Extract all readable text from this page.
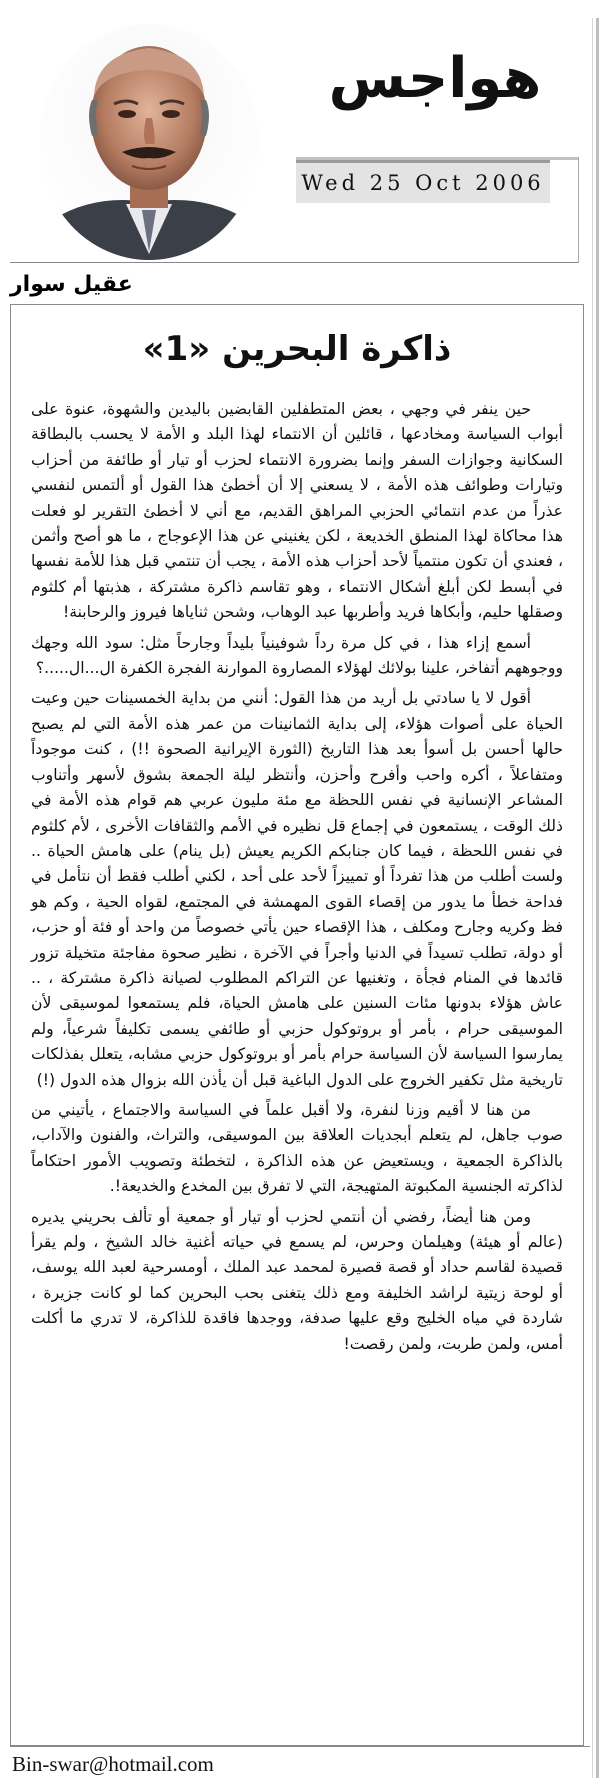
هواجس
Wed 25 Oct 2006
عقيل سوار
ذاكرة البحرين «1»

حين ينفر في وجهي ، بعض المتطفلين القابضين باليدين والشهوة، عنوة على أبواب السياسة ومخادعها ، قائلين أن الانتماء لهذا البلد و الأمة لا يحسب بالبطاقة السكانية وجوازات السفر وإنما بضرورة الانتماء لحزب أو تيار أو طائفة من أحزاب وتيارات وطوائف هذه الأمة ، لا يسعني إلا أن أخطئ هذا القول أو ألتمس لنفسي عذراً من عدم انتمائي الحزبي المراهق القديم، مع أني لا أخطئ التقرير لو فعلت هذا محاكاة لهذا المنطق الخديعة ، لكن يغنيني عن هذا الإعوجاج ، ما هو أصح وأثمن ، فعندي أن تكون منتمياً لأحد أحزاب هذه الأمة ، يجب أن تنتمي قبل هذا للأمة نفسها في أبسط لكن أبلغ أشكال الانتماء ، وهو تقاسم ذاكرة مشتركة ، هذبتها أم كلثوم وصقلها حليم، وأبكاها فريد وأطربها عبد الوهاب، وشحن ثناياها فيروز والرحابنة!

أسمع إزاء هذا ، في كل مرة رداً شوفينياً بليداً وجارحاً مثل: سود الله وجهك ووجوههم أتفاخر، علينا بولائك لهؤلاء المصاروة الموارنة الفجرة الكفرة ال...ال.....؟

أقول لا يا سادتي بل أريد من هذا القول: أنني من بداية الخمسينات حين وعيت الحياة على أصوات هؤلاء، إلى بداية الثمانينات من عمر هذه الأمة التي لم يصبح حالها أحسن بل أسوأ بعد هذا التاريخ (الثورة الإيرانية الصحوة !!) ، كنت موجوداً ومتفاعلاً ، أكره واحب وأفرح وأحزن، وأنتظر ليلة الجمعة بشوق لأسهر وأتناوب المشاعر الإنسانية في نفس اللحظة مع مئة مليون عربي هم قوام هذه الأمة في ذلك الوقت ، يستمعون في إجماع قل نظيره في الأمم والثقافات الأخرى ، لأم كلثوم في نفس اللحظة ، فيما كان جنابكم الكريم يعيش (بل ينام) على هامش الحياة .. ولست أطلب من هذا تفرداً أو تمييزاً لأحد على أحد ، لكني أطلب فقط أن نتأمل في فداحة خطأ ما يدور من إقصاء القوى المهمشة في المجتمع، لقواه الحية ، وكم هو فظ وكريه وجارح ومكلف ، هذا الإقصاء حين يأتي خصوصاً من واحد أو فئة أو حزب، أو دولة، تطلب تسيداً في الدنيا وأجراً في الآخرة ، نظير صحوة مفاجئة متخيلة تزور قائدها في المنام فجأة ، وتغنيها عن التراكم المطلوب لصيانة ذاكرة مشتركة ، .. عاش هؤلاء بدونها مئات السنين على هامش الحياة، فلم يستمعوا لموسيقى لأن الموسيقى حرام ، بأمر أو بروتوكول حزبي أو طائفي يسمى تكليفاً شرعياً، ولم يمارسوا السياسة لأن السياسة حرام بأمر أو بروتوكول حزبي مشابه، يتعلل بفذلكات تاريخية مثل تكفير الخروج على الدول الباغية قبل أن يأذن الله بزوال هذه الدول (!)

من هنا لا أقيم وزنا لنفرة، ولا أقبل علماً في السياسة والاجتماع ، يأتيني من صوب جاهل، لم يتعلم أبجديات العلاقة بين الموسيقى، والتراث، والفنون والآداب، بالذاكرة الجمعية ، ويستعيض عن هذه الذاكرة ، لتخطئة وتصويب الأمور احتكاماً لذاكرته الجنسية المكبوتة المتهيجة، التي لا تفرق بين المخدع والخديعة!.

ومن هنا أيضاً، رفضي أن أنتمي لحزب أو تيار أو جمعية أو تألف بحريني يديره (عالم أو هيئة) وهيلمان وحرس، لم يسمع في حياته أغنية خالد الشيخ ، ولم يقرأ قصيدة لقاسم حداد أو قصة قصيرة لمحمد عبد الملك ، أومسرحية لعبد الله يوسف، أو لوحة زيتية لراشد الخليفة ومع ذلك يتغنى بحب البحرين كما لو كانت جزيرة ، شاردة في مياه الخليج وقع عليها صدفة، ووجدها فاقدة للذاكرة، لا تدري ما أكلت أمس، ولمن طربت، ولمن رقصت!

Bin-swar@hotmail.com
